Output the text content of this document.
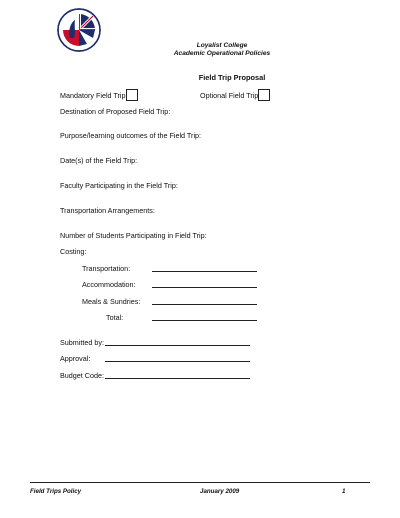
Loyalist College
Academic Operational Policies
Field Trip Proposal
Mandatory Field Trip	Optional Field Trip
Destination of Proposed Field Trip:
Purpose/learning outcomes of the Field Trip:
Date(s) of the Field Trip:
Faculty Participating in the Field Trip:
Transportation Arrangements:
Number of Students Participating in Field Trip:
Costing:
Transportation:
Accommodation:
Meals & Sundries:
Total:
Submitted by:
Approval:
Budget Code:
Field Trips Policy	January 2009	1
